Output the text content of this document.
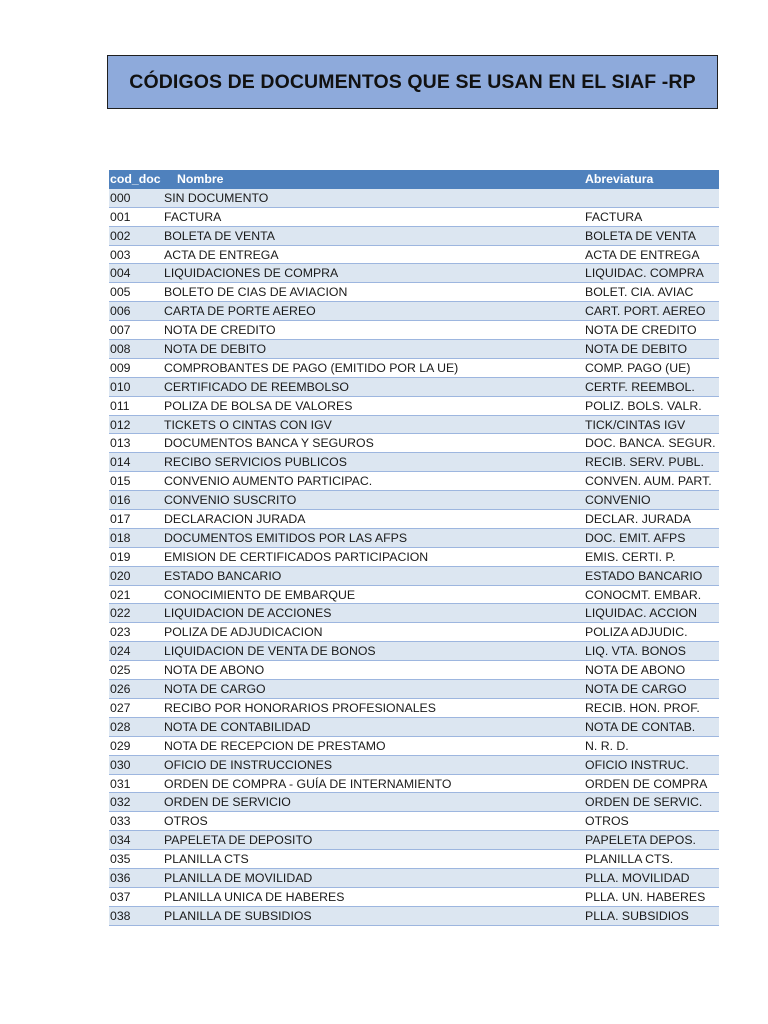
CÓDIGOS DE DOCUMENTOS QUE SE USAN EN EL SIAF -RP
cod_doc Nombre	Abreviatura
000	SIN DOCUMENTO
001	FACTURA	FACTURA
002	BOLETA DE VENTA	BOLETA DE VENTA
003	ACTA DE ENTREGA	ACTA DE ENTREGA
004	LIQUIDACIONES DE COMPRA	LIQUIDAC. COMPRA
005	BOLETO DE CIAS DE AVIACION	BOLET. CIA. AVIAC
006	CARTA DE PORTE AEREO	CART. PORT. AEREO
007	NOTA DE CREDITO	NOTA DE CREDITO
008	NOTA DE DEBITO	NOTA DE DEBITO
009	COMPROBANTES DE PAGO (EMITIDO POR LA UE)	COMP. PAGO (UE)
010	CERTIFICADO DE REEMBOLSO	CERTF. REEMBOL.
011	POLIZA DE BOLSA DE VALORES	POLIZ. BOLS. VALR.
012	TICKETS O CINTAS CON IGV	TICK/CINTAS IGV
013	DOCUMENTOS BANCA Y SEGUROS	DOC. BANCA. SEGUR.
014	RECIBO SERVICIOS PUBLICOS	RECIB. SERV. PUBL.
015	CONVENIO AUMENTO PARTICIPAC.	CONVEN. AUM. PART.
016	CONVENIO SUSCRITO	CONVENIO
017	DECLARACION JURADA	DECLAR. JURADA
018	DOCUMENTOS EMITIDOS POR LAS AFPS	DOC. EMIT. AFPS
019	EMISION DE CERTIFICADOS PARTICIPACION	EMIS. CERTI. P.
020	ESTADO BANCARIO	ESTADO BANCARIO
021	CONOCIMIENTO DE EMBARQUE	CONOCMT. EMBAR.
022	LIQUIDACION DE ACCIONES	LIQUIDAC. ACCION
023	POLIZA DE ADJUDICACION	POLIZA ADJUDIC.
024	LIQUIDACION DE VENTA DE BONOS	LIQ. VTA. BONOS
025	NOTA DE ABONO	NOTA DE ABONO
026	NOTA DE CARGO	NOTA DE CARGO
027	RECIBO POR HONORARIOS PROFESIONALES	RECIB. HON. PROF.
028	NOTA DE CONTABILIDAD	NOTA DE CONTAB.
029	NOTA DE RECEPCION DE PRESTAMO	N. R. D.
030	OFICIO DE INSTRUCCIONES	OFICIO INSTRUC.
031	ORDEN DE COMPRA - GUÍA DE INTERNAMIENTO	ORDEN DE COMPRA
032	ORDEN DE SERVICIO	ORDEN DE SERVIC.
033	OTROS	OTROS
034	PAPELETA DE DEPOSITO	PAPELETA DEPOS.
035	PLANILLA CTS	PLANILLA CTS.
036	PLANILLA DE MOVILIDAD	PLLA. MOVILIDAD
037	PLANILLA UNICA DE HABERES	PLLA. UN. HABERES
038	PLANILLA DE SUBSIDIOS	PLLA. SUBSIDIOS
